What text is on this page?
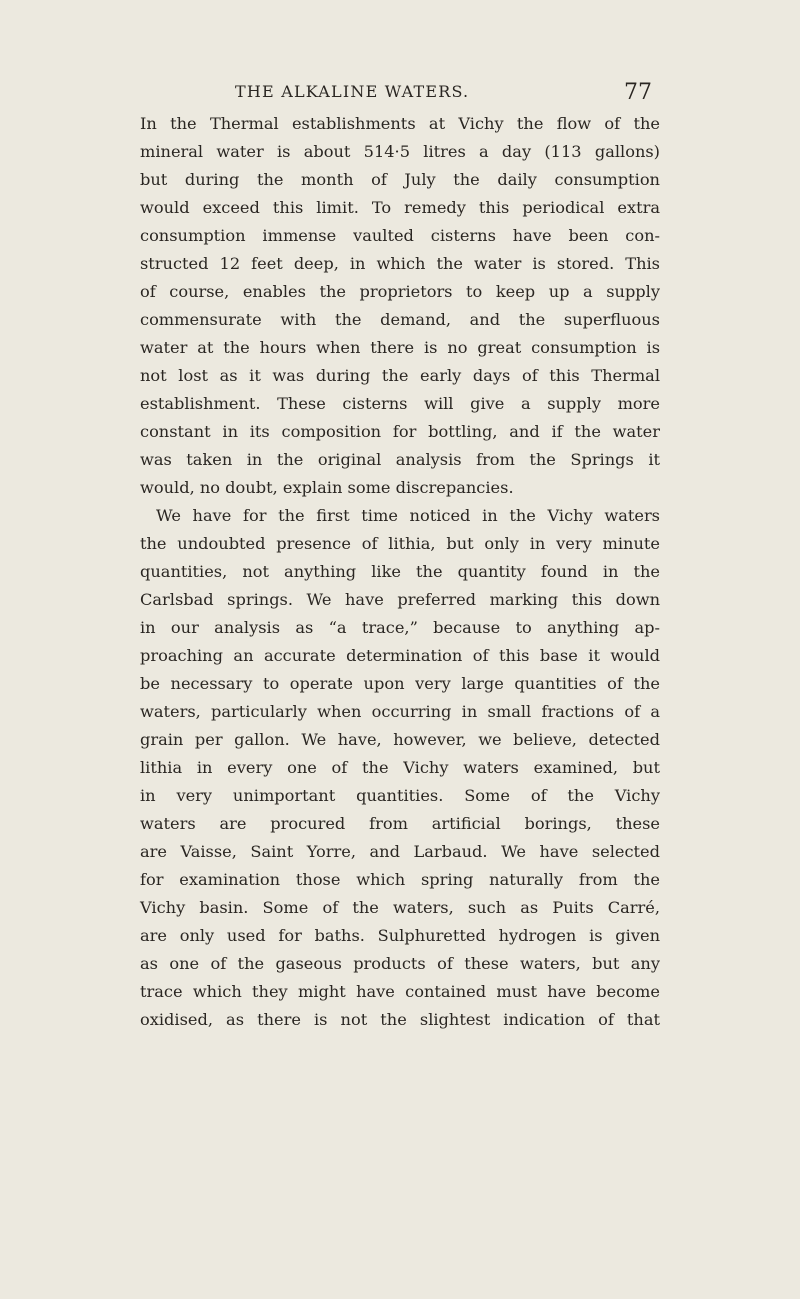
THE ALKALINE WATERS.	77
In the Thermal establishments at Vichy the flow of the
mineral water is about 514·5 litres a day (113 gallons)
but during the month of July the daily consumption
would exceed this limit. To remedy this periodical extra
consumption immense vaulted cisterns have been con-
structed 12 feet deep, in which the water is stored. This
of course, enables the proprietors to keep up a supply
commensurate with the demand, and the superfluous
water at the hours when there is no great consumption is
not lost as it was during the early days of this Thermal
establishment. These cisterns will give a supply more
constant in its composition for bottling, and if the water
was taken in the original analysis from the Springs it
would, no doubt, explain some discrepancies.
We have for the first time noticed in the Vichy waters
the undoubted presence of lithia, but only in very minute
quantities, not anything like the quantity found in the
Carlsbad springs. We have preferred marking this down
in our analysis as “a trace,” because to anything ap-
proaching an accurate determination of this base it would
be necessary to operate upon very large quantities of the
waters, particularly when occurring in small fractions of a
grain per gallon. We have, however, we believe, detected
lithia in every one of the Vichy waters examined, but
in very unimportant quantities. Some of the Vichy
waters are procured from artificial borings, these
are Vaisse, Saint Yorre, and Larbaud. We have selected
for examination those which spring naturally from the
Vichy basin. Some of the waters, such as Puits Carré,
are only used for baths. Sulphuretted hydrogen is given
as one of the gaseous products of these waters, but any
trace which they might have contained must have become
oxidised, as there is not the slightest indication of that
